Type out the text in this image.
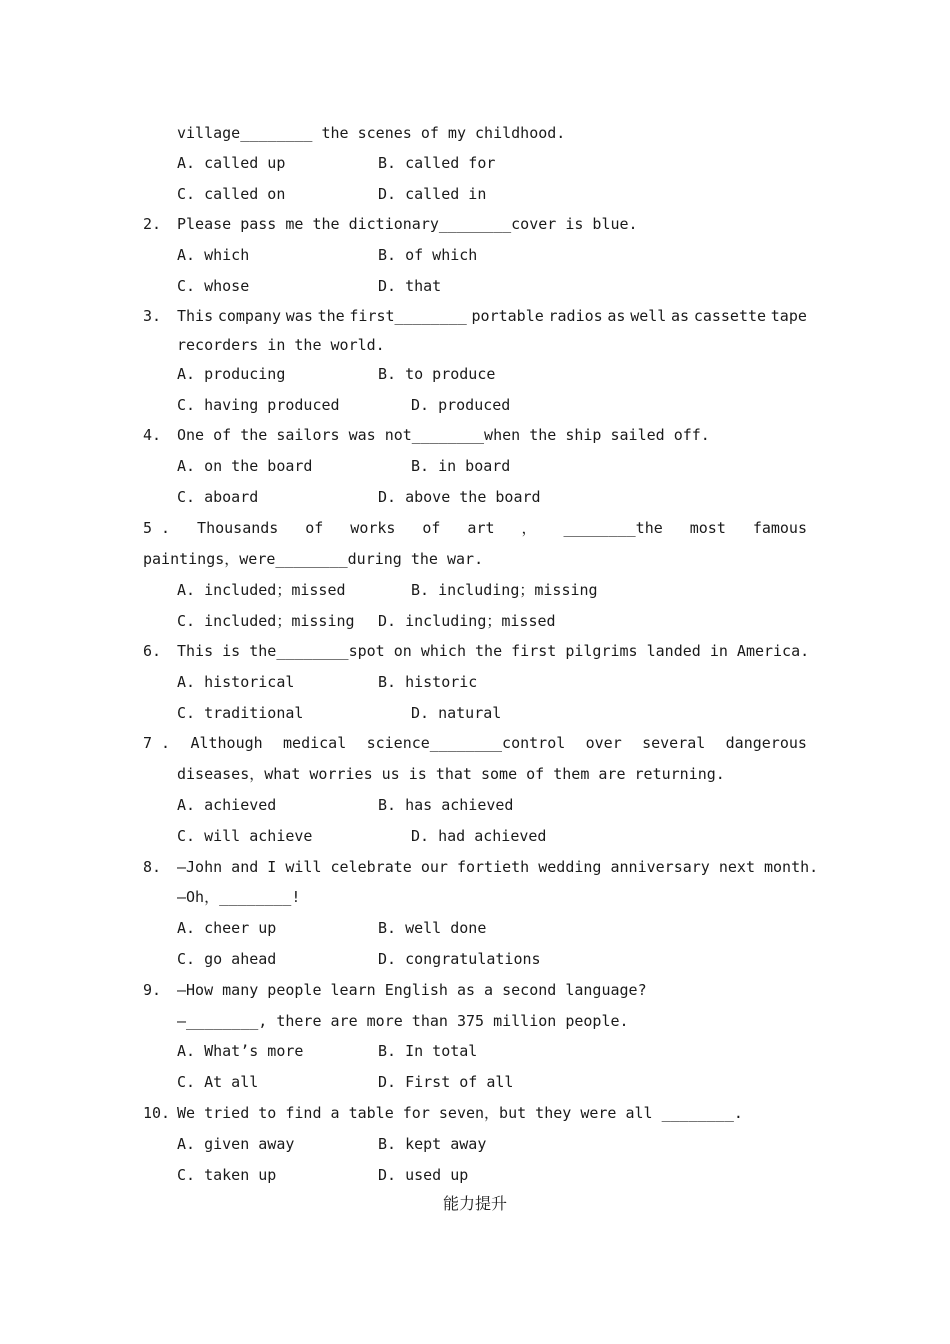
village________ the scenes of my childhood.
A. called up	B. called for
C. called on	D. called in
2. Please pass me the dictionary________cover is blue.
A. which	B. of which
C. whose	D. that
3. This company was the first________ portable radios as well as cassette tape
recorders in the world.
A. producing	B. to produce
C. having produced	D. produced
4. One of the sailors was not________when the ship sailed off.
A. on the board	B. in board
C. aboard	D. above the board
5 . Thousands of works of art ， ________the most famous
paintings，were________during the war.
A. included；missed	B. including；missing
C. included；missing D. including；missed
6. This is the________spot on which the first pilgrims landed in America.
A. historical	B. historic
C. traditional	D. natural
7 . Although medical science________control over several dangerous
diseases，what worries us is that some of them are returning.
A. achieved	B. has achieved
C. will achieve	D. had achieved
8. —John and I will celebrate our fortieth wedding anniversary next month.
—Oh，________!
A. cheer up	B. well done
C. go ahead	D. congratulations
9. —How many people learn English as a second language?
—________, there are more than 375 million people.
A. What’s more	B. In total
C. At all	D. First of all
10. We tried to find a table for seven，but they were all ________.
A. given away	B. kept away
C. taken up	D. used up
能力提升
